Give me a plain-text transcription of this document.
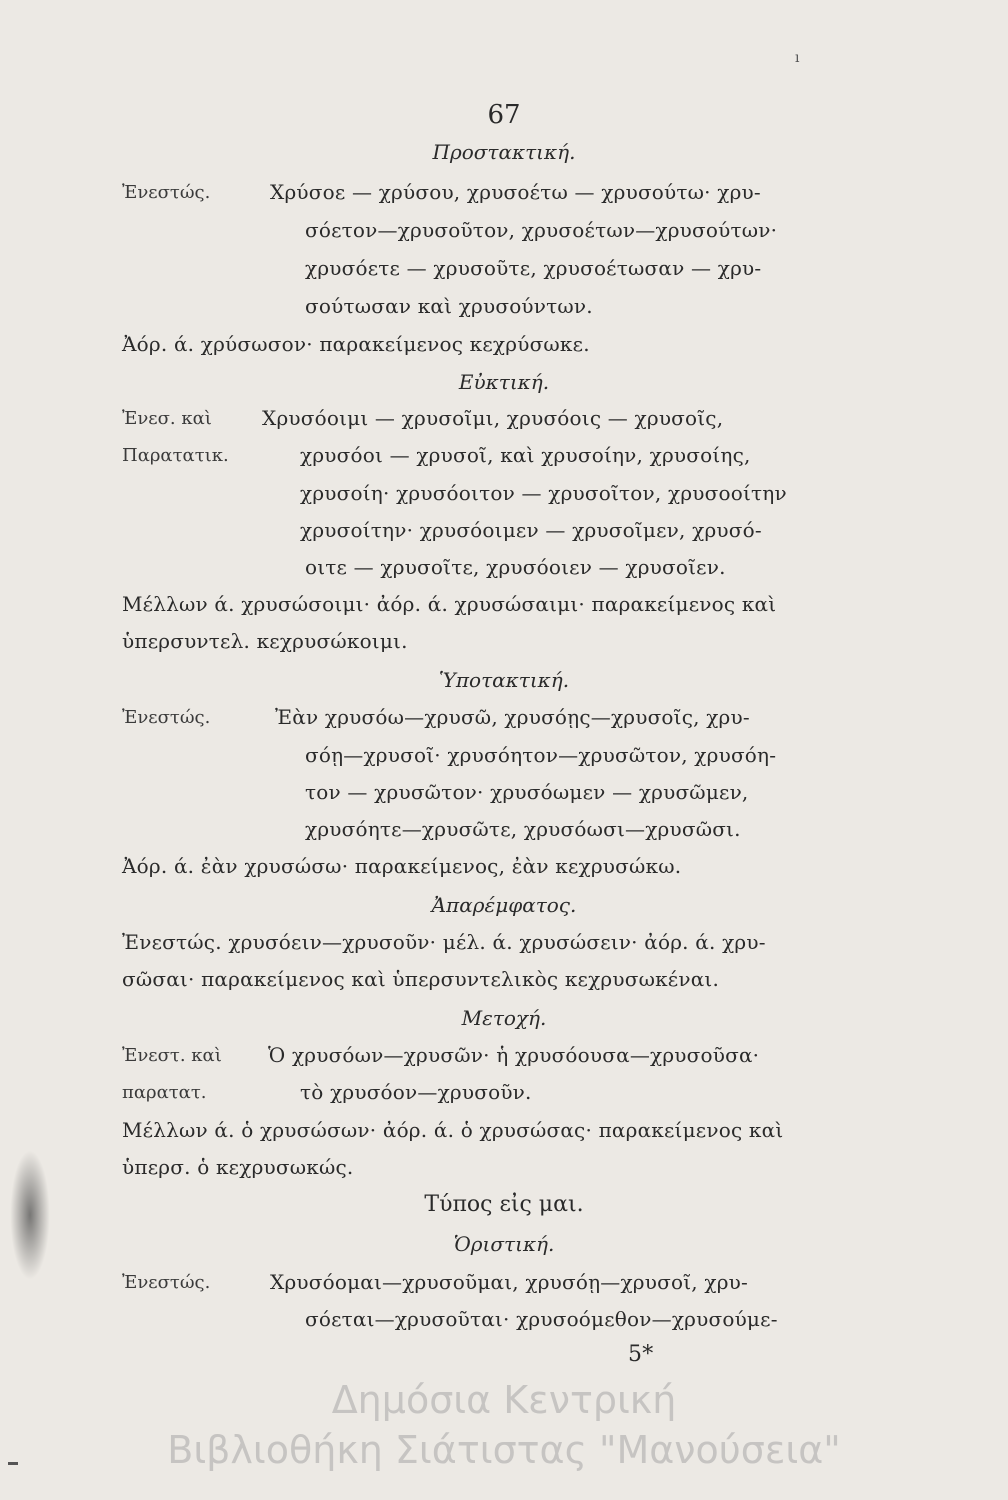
ı
67
Προστακτική.
Ἐνεστώς.	Χρύσοε — χρύσου, χρυσοέτω — χρυσούτω· χρυ-
σόετον—χρυσοῦτον, χρυσοέτων—χρυσούτων·
χρυσόετε — χρυσοῦτε, χρυσοέτωσαν — χρυ-
σούτωσαν καὶ χρυσούντων.
Ἀόρ. ά. χρύσωσον· παρακείμενος κεχρύσωκε.
Εὐκτική.
Ἐνεσ. καὶ	Χρυσόοιμι — χρυσοῖμι, χρυσόοις — χρυσοῖς,
Παρατατικ.	χρυσόοι — χρυσοῖ, καὶ χρυσοίην, χρυσοίης,
χρυσοίη· χρυσόοιτον — χρυσοῖτον, χρυσοοίτην
χρυσοίτην· χρυσόοιμεν — χρυσοῖμεν, χρυσό-
οιτε — χρυσοῖτε, χρυσόοιεν — χρυσοῖεν.
Μέλλων ά. χρυσώσοιμι· ἀόρ. ά. χρυσώσαιμι· παρακείμενος καὶ
ὑπερσυντελ. κεχρυσώκοιμι.
Ὑποτακτική.
Ἐνεστώς.	Ἐὰν χρυσόω—χρυσῶ, χρυσόῃς—χρυσοῖς, χρυ-
σόῃ—χρυσοῖ· χρυσόητον—χρυσῶτον, χρυσόη-
τον — χρυσῶτον· χρυσόωμεν — χρυσῶμεν,
χρυσόητε—χρυσῶτε, χρυσόωσι—χρυσῶσι.
Ἀόρ. ά. ἐὰν χρυσώσω· παρακείμενος, ἐὰν κεχρυσώκω.
Ἀπαρέμφατος.
Ἐνεστώς. χρυσόειν—χρυσοῦν· μέλ. ά. χρυσώσειν· ἀόρ. ά. χρυ-
σῶσαι· παρακείμενος καὶ ὑπερσυντελικὸς κεχρυσωκέναι.
Μετοχή.
Ἐνεστ. καὶ Ὁ χρυσόων—χρυσῶν· ἡ χρυσόουσα—χρυσοῦσα·
παρατατ.	τὸ χρυσόον—χρυσοῦν.
Μέλλων ά. ὁ χρυσώσων· ἀόρ. ά. ὁ χρυσώσας· παρακείμενος καὶ
ὑπερσ. ὁ κεχρυσωκώς.
Τύπος εἰς μαι.
Ὁριστική.
Ἐνεστώς.	Χρυσόομαι—χρυσοῦμαι, χρυσόῃ—χρυσοῖ, χρυ-
σόεται—χρυσοῦται· χρυσοόμεθον—χρυσούμε-
5*
Δημόσια Κεντρική
Βιβλιοθήκη Σιάτιστας "Μανούσεια"
